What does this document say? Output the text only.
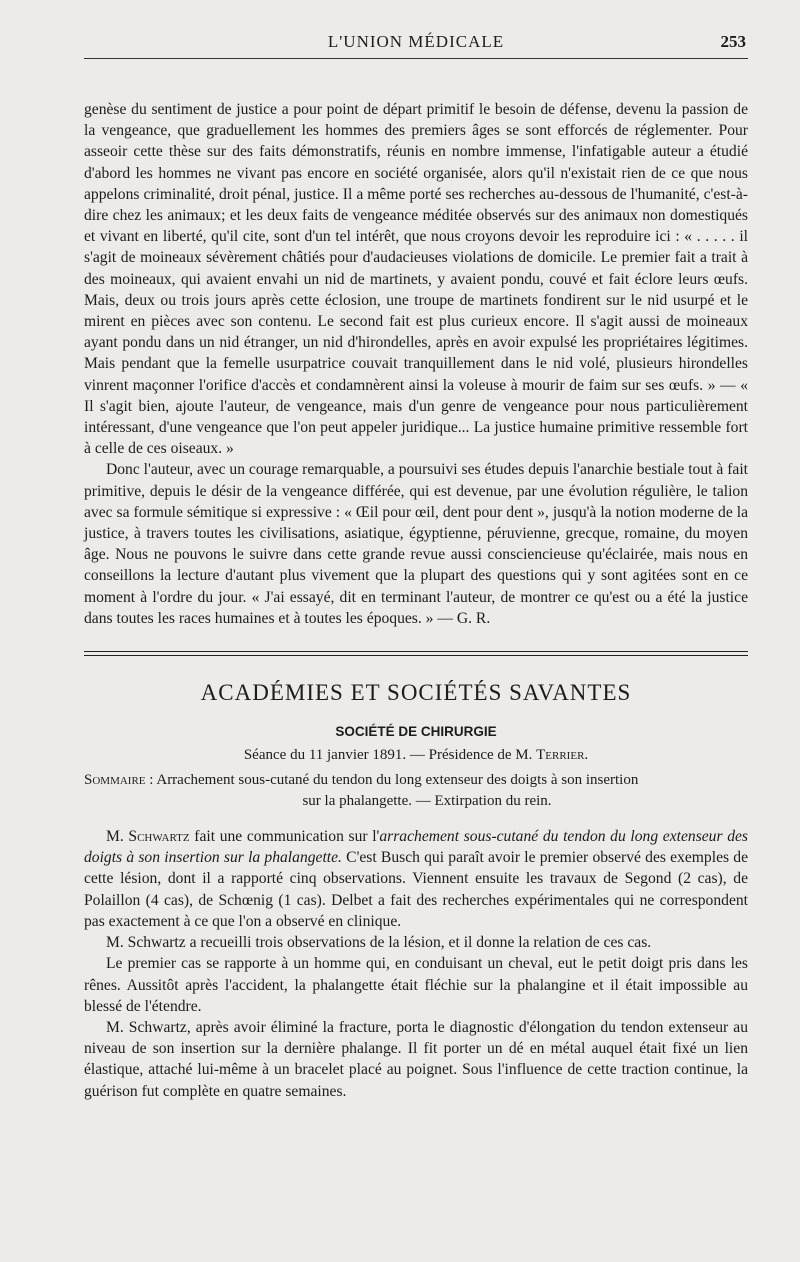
L'UNION MÉDICALE	253

genèse du sentiment de justice a pour point de départ primitif le besoin de défense, devenu la passion de la vengeance, que graduellement les hommes des premiers âges se sont efforcés de réglementer. Pour asseoir cette thèse sur des faits démonstratifs, réunis en nombre immense, l'infatigable auteur a étudié d'abord les hommes ne vivant pas encore en société organisée, alors qu'il n'existait rien de ce que nous appelons criminalité, droit pénal, justice. Il a même porté ses recherches au-dessous de l'humanité, c'est-à-dire chez les animaux; et les deux faits de vengeance méditée observés sur des animaux non domestiqués et vivant en liberté, qu'il cite, sont d'un tel intérêt, que nous croyons devoir les reproduire ici : « . . . . . il s'agit de moineaux sévèrement châtiés pour d'audacieuses violations de domicile. Le premier fait a trait à des moineaux, qui avaient envahi un nid de martinets, y avaient pondu, couvé et fait éclore leurs œufs. Mais, deux ou trois jours après cette éclosion, une troupe de martinets fondirent sur le nid usurpé et le mirent en pièces avec son contenu. Le second fait est plus curieux encore. Il s'agit aussi de moineaux ayant pondu dans un nid étranger, un nid d'hirondelles, après en avoir expulsé les propriétaires légitimes. Mais pendant que la femelle usurpatrice couvait tranquillement dans le nid volé, plusieurs hirondelles vinrent maçonner l'orifice d'accès et condamnèrent ainsi la voleuse à mourir de faim sur ses œufs. » — « Il s'agit bien, ajoute l'auteur, de vengeance, mais d'un genre de vengeance pour nous particulièrement intéressant, d'une vengeance que l'on peut appeler juridique... La justice humaine primitive ressemble fort à celle de ces oiseaux. »

Donc l'auteur, avec un courage remarquable, a poursuivi ses études depuis l'anarchie bestiale tout à fait primitive, depuis le désir de la vengeance différée, qui est devenue, par une évolution régulière, le talion avec sa formule sémitique si expressive : « Œil pour œil, dent pour dent », jusqu'à la notion moderne de la justice, à travers toutes les civilisations, asiatique, égyptienne, péruvienne, grecque, romaine, du moyen âge. Nous ne pouvons le suivre dans cette grande revue aussi consciencieuse qu'éclairée, mais nous en conseillons la lecture d'autant plus vivement que la plupart des questions qui y sont agitées sont en ce moment à l'ordre du jour. « J'ai essayé, dit en terminant l'auteur, de montrer ce qu'est ou a été la justice dans toutes les races humaines et à toutes les époques. » — G. R.

ACADÉMIES ET SOCIÉTÉS SAVANTES
SOCIÉTÉ DE CHIRURGIE
Séance du 11 janvier 1891. — Présidence de M. Terrier.
Sommaire : Arrachement sous-cutané du tendon du long extenseur des doigts à son insertion
sur la phalangette. — Extirpation du rein.

M. Schwartz fait une communication sur l'arrachement sous-cutané du tendon du long extenseur des doigts à son insertion sur la phalangette. C'est Busch qui paraît avoir le premier observé des exemples de cette lésion, dont il a rapporté cinq observations. Viennent ensuite les travaux de Segond (2 cas), de Polaillon (4 cas), de Schœnig (1 cas). Delbet a fait des recherches expérimentales qui ne correspondent pas exactement à ce que l'on a observé en clinique.

M. Schwartz a recueilli trois observations de la lésion, et il donne la relation de ces cas.

Le premier cas se rapporte à un homme qui, en conduisant un cheval, eut le petit doigt pris dans les rênes. Aussitôt après l'accident, la phalangette était fléchie sur la phalangine et il était impossible au blessé de l'étendre.

M. Schwartz, après avoir éliminé la fracture, porta le diagnostic d'élongation du tendon extenseur au niveau de son insertion sur la dernière phalange. Il fit porter un dé en métal auquel était fixé un lien élastique, attaché lui-même à un bracelet placé au poignet. Sous l'influence de cette traction continue, la guérison fut complète en quatre semaines.
